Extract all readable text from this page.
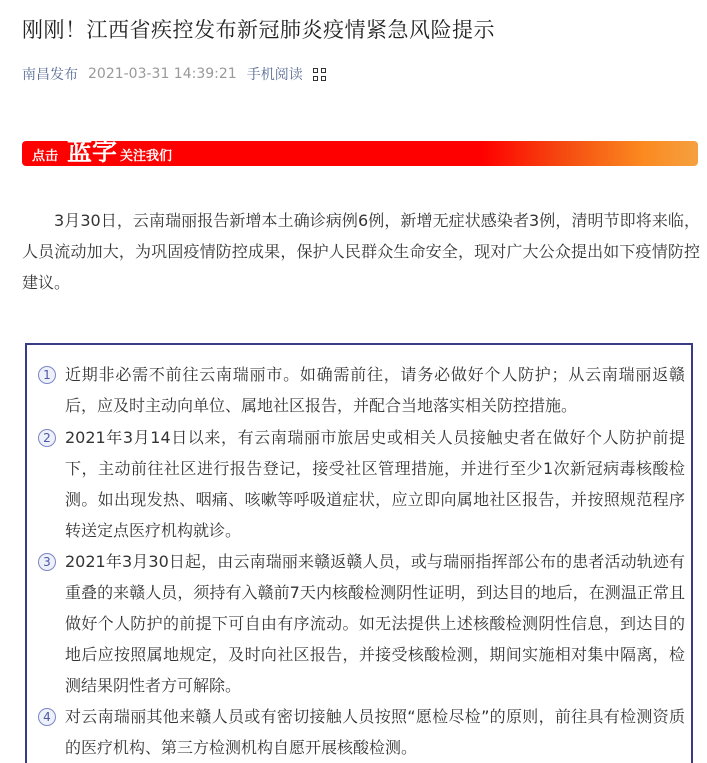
刚刚！江西省疾控发布新冠肺炎疫情紧急风险提示
南昌发布 2021-03-31 14:39:21 手机阅读
点击 蓝字 关注我们

3月30日，云南瑞丽报告新增本土确诊病例6例，新增无症状感染者3例，清明节即将来临，人员流动加大，为巩固疫情防控成果，保护人民群众生命安全，现对广大公众提出如下疫情防控建议。

1 近期非必需不前往云南瑞丽市。如确需前往，请务必做好个人防护；从云南瑞丽返赣后，应及时主动向单位、属地社区报告，并配合当地落实相关防控措施。
2 2021年3月14日以来，有云南瑞丽市旅居史或相关人员接触史者在做好个人防护前提下，主动前往社区进行报告登记，接受社区管理措施，并进行至少1次新冠病毒核酸检测。如出现发热、咽痛、咳嗽等呼吸道症状，应立即向属地社区报告，并按照规范程序转送定点医疗机构就诊。
3 2021年3月30日起，由云南瑞丽来赣返赣人员，或与瑞丽指挥部公布的患者活动轨迹有重叠的来赣人员，须持有入赣前7天内核酸检测阴性证明，到达目的地后，在测温正常且做好个人防护的前提下可自由有序流动。如无法提供上述核酸检测阴性信息，到达目的地后应按照属地规定，及时向社区报告，并接受核酸检测，期间实施相对集中隔离，检测结果阴性者方可解除。
4 对云南瑞丽其他来赣人员或有密切接触人员按照“愿检尽检”的原则，前往具有检测资质的医疗机构、第三方检测机构自愿开展核酸检测。
